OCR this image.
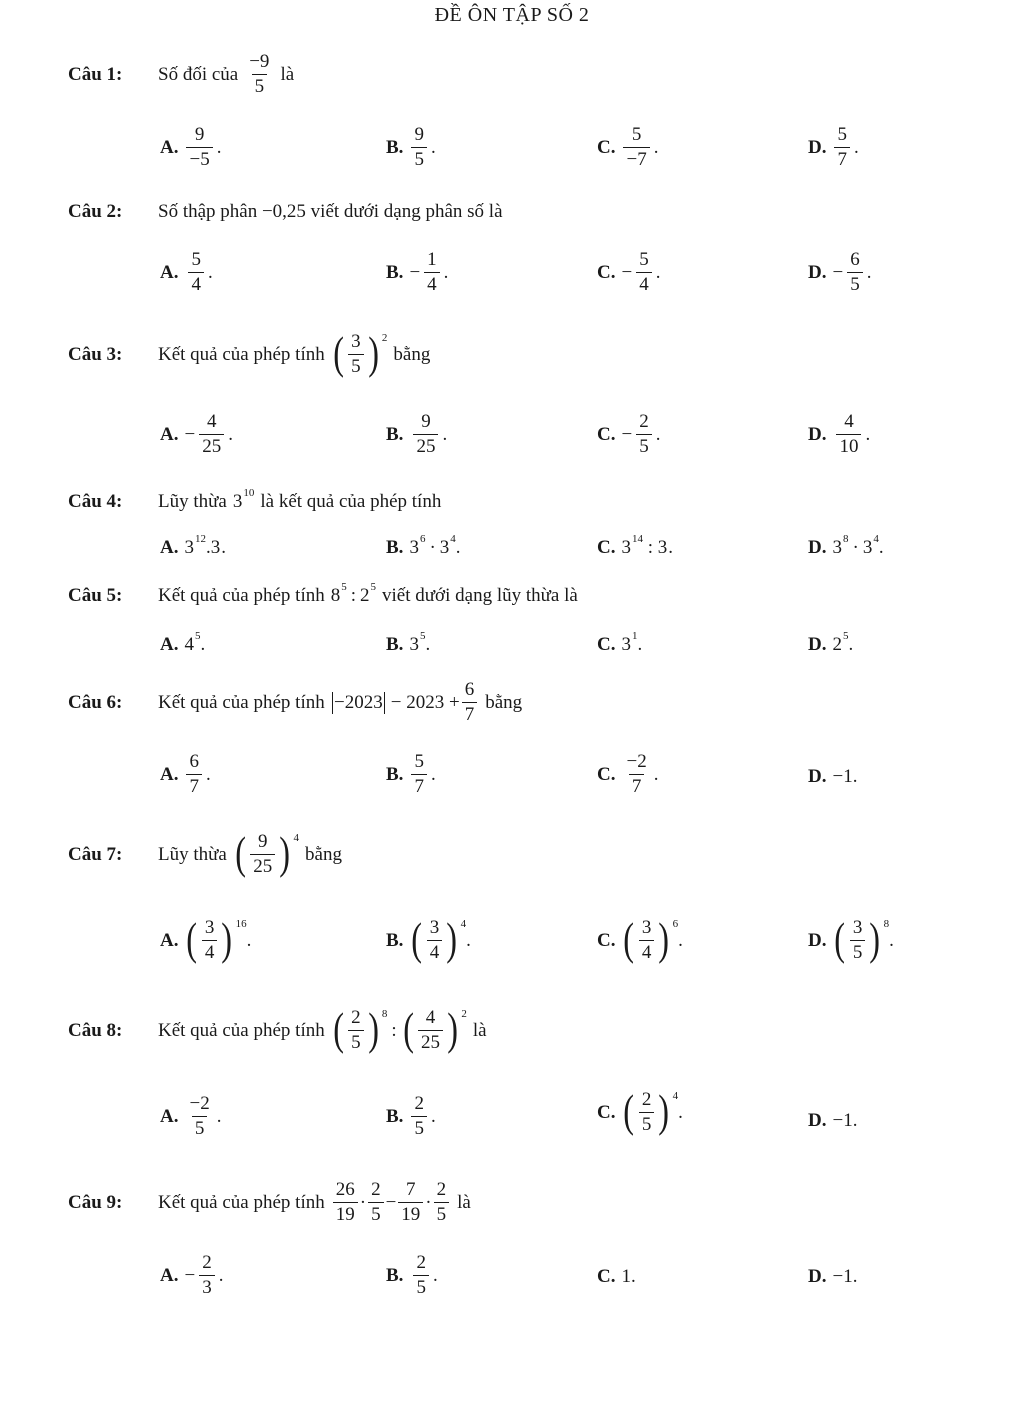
ĐỀ ÔN TẬP SỐ 2
Câu 1:	Số đối của $\frac{-9}{5}$ là
A. $\frac{9}{-5}$ .	B. $\frac{9}{5}$ .	C. $\frac{5}{-7}$ .	D. $\frac{5}{7}$ .
Câu 2:	Số thập phân −0,25 viết dưới dạng phân số là
A. $\frac{5}{4}$ .	B. − $\frac{1}{4}$ .	C. − $\frac{5}{4}$ .	D. − $\frac{6}{5}$ .
Câu 3:	Kết quả của phép tính ( $\frac{3}{5}$ ) 2
bằng
A. − $\frac{4}{25}$ .	B. $\frac{9}{25}$ .	C. − $\frac{2}{5}$ .	D. $\frac{4}{10}$ .
Câu 4:	Lũy thừa 3 10 là kết quả của phép tính
A. 3 12 .3 .	B. 3 6 · 3 4 .	C. 3 14
: 3 .	D. 3 8 · 3 4 .
Câu 5:	Kết quả của phép tính 8 5 : 2 5 viết dưới dạng lũy thừa là
A. 4 5 .	B. 3 5 .	C. 3 1 .	D. 2 5 .
Câu 6:	Kết quả của phép tính −2023
− $2023 + \frac{6}{7}$ bằng
A. $\frac{6}{7}$ .	B. $\frac{5}{7}$ .	C. $\frac{-2}{7}$ .	D. −1.
Câu 7:	Lũy thừa ( $\frac{9}{25}$ ) 4
bằng
A. ( $\frac{3}{4}$ ) 16
.	B. ( $\frac{3}{4}$ ) 4
.	C. ( $\frac{3}{4}$ ) 6
.	D. ( $\frac{3}{5}$ ) 8
.
Câu 8:	Kết quả của phép tính ( $\frac{2}{5}$ ) 8
: ( $\frac{4}{25}$ ) 2
là
A. $\frac{-2}{5}$ .	B. $\frac{2}{5}$ .	C. ( $\frac{2}{5}$ ) 4
.	D. −1.
Câu 9:	Kết quả của phép tính $\frac{26}{19} \cdot \frac{2}{5} - \frac{7}{19} \cdot \frac{2}{5}$ là
A. − $\frac{2}{3}$ .	B. $\frac{2}{5}$ .	C. 1.	D. −1.
